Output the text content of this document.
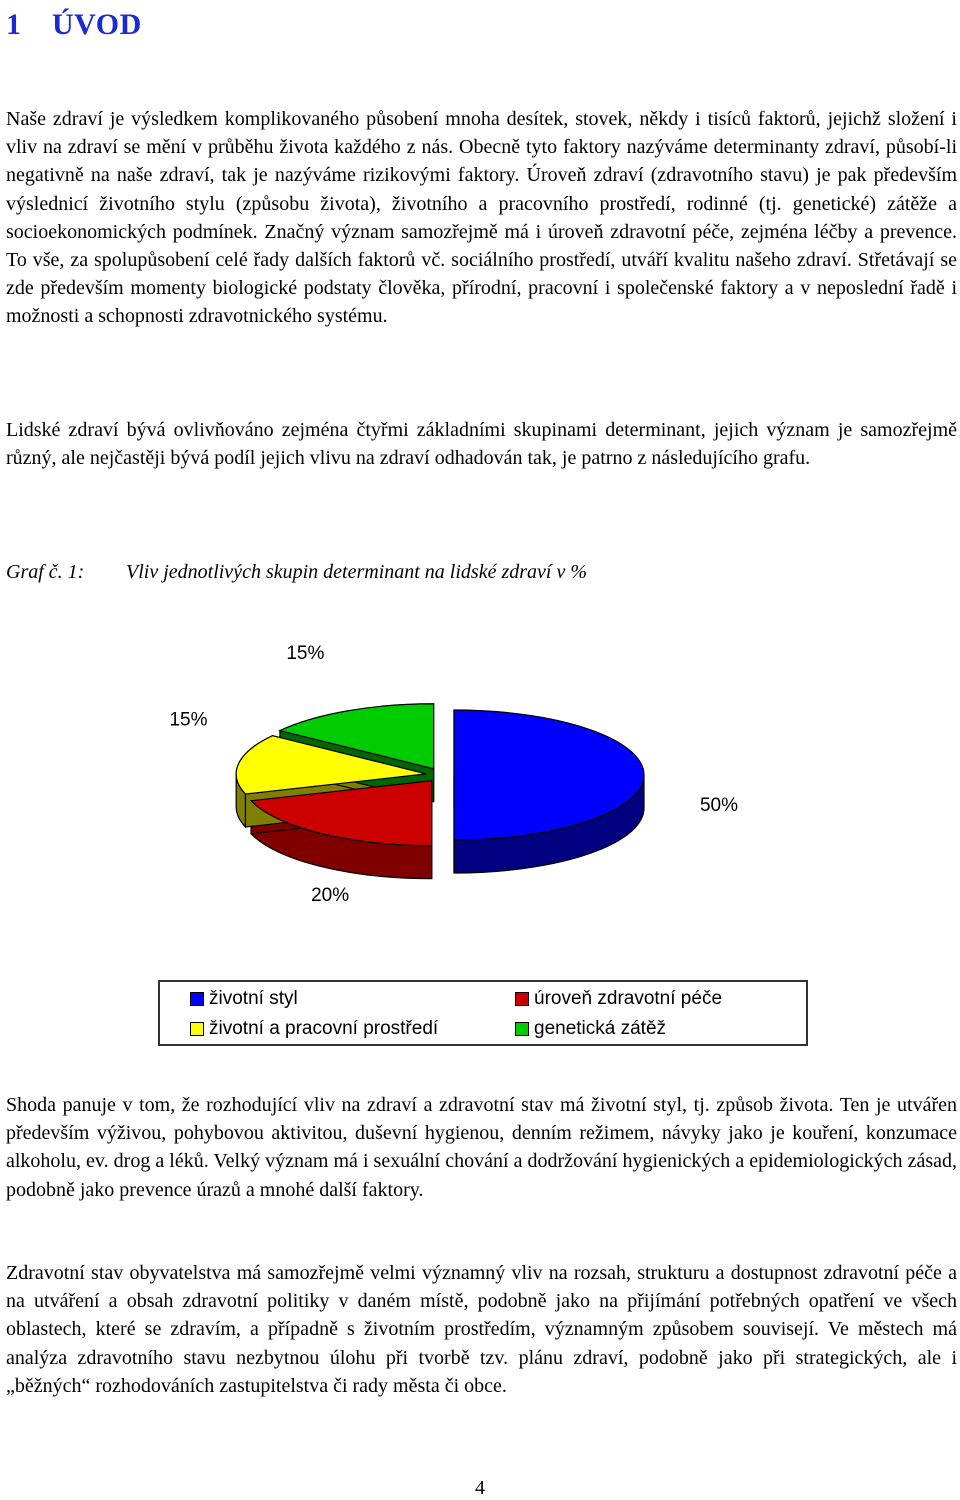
1 ÚVOD

Naše zdraví je výsledkem komplikovaného působení mnoha desítek, stovek, někdy i tisíců faktorů, jejichž složení i vliv na zdraví se mění v průběhu života každého z nás. Obecně tyto faktory nazýváme determinanty zdraví, působí-li negativně na naše zdraví, tak je nazýváme rizikovými faktory. Úroveň zdraví (zdravotního stavu) je pak především výslednicí životního stylu (způsobu života), životního a pracovního prostředí, rodinné (tj. genetické) zátěže a socioekonomických podmínek. Značný význam samozřejmě má i úroveň zdravotní péče, zejména léčby a prevence. To vše, za spolupůsobení celé řady dalších faktorů vč. sociálního prostředí, utváří kvalitu našeho zdraví. Střetávají se zde především momenty biologické podstaty člověka, přírodní, pracovní i společenské faktory a v neposlední řadě i možnosti a schopnosti zdravotnického systému.

Lidské zdraví bývá ovlivňováno zejména čtyřmi základními skupinami determinant, jejich význam je samozřejmě různý, ale nejčastěji bývá podíl jejich vlivu na zdraví odhadován tak, je patrno z následujícího grafu.

Graf č. 1: Vliv jednotlivých skupin determinant na lidské zdraví v %

50%
20%
15%
15%
životní styl	úroveň zdravotní péče
životní a pracovní prostředí	genetická zátěž

Shoda panuje v tom, že rozhodující vliv na zdraví a zdravotní stav má životní styl, tj. způsob života. Ten je utvářen především výživou, pohybovou aktivitou, duševní hygienou, denním režimem, návyky jako je kouření, konzumace alkoholu, ev. drog a léků. Velký význam má i sexuální chování a dodržování hygienických a epidemiologických zásad, podobně jako prevence úrazů a mnohé další faktory.

Zdravotní stav obyvatelstva má samozřejmě velmi významný vliv na rozsah, strukturu a dostupnost zdravotní péče a na utváření a obsah zdravotní politiky v daném místě, podobně jako na přijímání potřebných opatření ve všech oblastech, které se zdravím, a případně s životním prostředím, významným způsobem souvisejí. Ve městech má analýza zdravotního stavu nezbytnou úlohu při tvorbě tzv. plánu zdraví, podobně jako při strategických, ale i „běžných“ rozhodováních zastupitelstva či rady města či obce.

4
